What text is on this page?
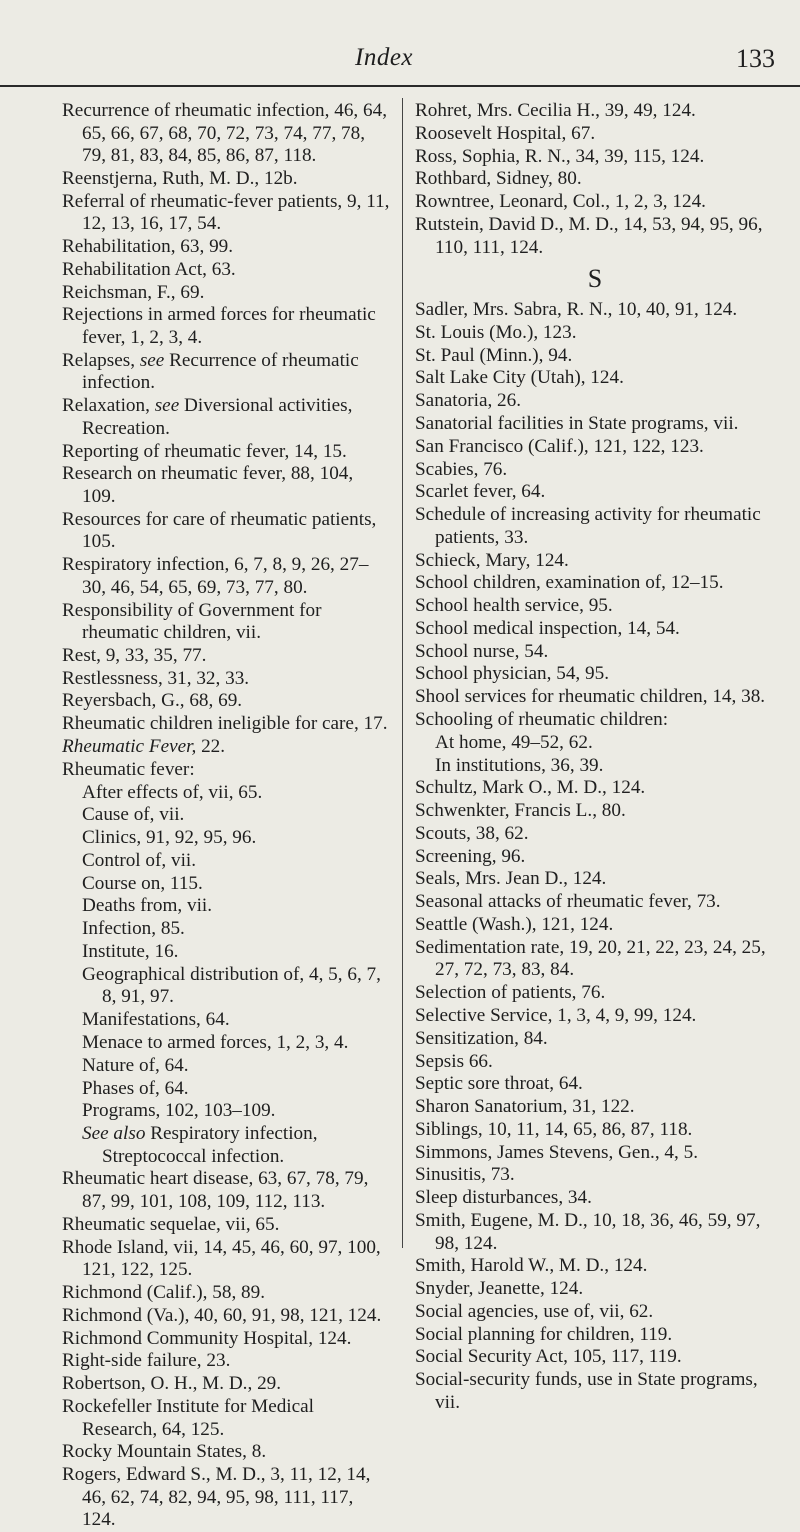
Index	133
Recurrence of rheumatic infection, 46, 64, 65, 66, 67, 68, 70, 72, 73, 74, 77, 78, 79, 81, 83, 84, 85, 86, 87, 118.
Reenstjerna, Ruth, M. D., 12b.
Referral of rheumatic-fever patients, 9, 11, 12, 13, 16, 17, 54.
Rehabilitation, 63, 99.
Rehabilitation Act, 63.
Reichsman, F., 69.
Rejections in armed forces for rheumatic fever, 1, 2, 3, 4.
Relapses, see Recurrence of rheumatic infection.
Relaxation, see Diversional activities, Recreation.
Reporting of rheumatic fever, 14, 15.
Research on rheumatic fever, 88, 104, 109.
Resources for care of rheumatic patients, 105.
Respiratory infection, 6, 7, 8, 9, 26, 27–30, 46, 54, 65, 69, 73, 77, 80.
Responsibility of Government for rheumatic children, vii.
Rest, 9, 33, 35, 77.
Restlessness, 31, 32, 33.
Reyersbach, G., 68, 69.
Rheumatic children ineligible for care, 17.
Rheumatic Fever, 22.
Rheumatic fever:
After effects of, vii, 65.
Cause of, vii.
Clinics, 91, 92, 95, 96.
Control of, vii.
Course on, 115.
Deaths from, vii.
Infection, 85.
Institute, 16.
Geographical distribution of, 4, 5, 6, 7, 8, 91, 97.
Manifestations, 64.
Menace to armed forces, 1, 2, 3, 4.
Nature of, 64.
Phases of, 64.
Programs, 102, 103–109.
See also Respiratory infection, Streptococcal infection.
Rheumatic heart disease, 63, 67, 78, 79, 87, 99, 101, 108, 109, 112, 113.
Rheumatic sequelae, vii, 65.
Rhode Island, vii, 14, 45, 46, 60, 97, 100, 121, 122, 125.
Richmond (Calif.), 58, 89.
Richmond (Va.), 40, 60, 91, 98, 121, 124.
Richmond Community Hospital, 124.
Right-side failure, 23.
Robertson, O. H., M. D., 29.
Rockefeller Institute for Medical Research, 64, 125.
Rocky Mountain States, 8.
Rogers, Edward S., M. D., 3, 11, 12, 14, 46, 62, 74, 82, 94, 95, 98, 111, 117, 124.
Rohret, Mrs. Cecilia H., 39, 49, 124.
Roosevelt Hospital, 67.
Ross, Sophia, R. N., 34, 39, 115, 124.
Rothbard, Sidney, 80.
Rowntree, Leonard, Col., 1, 2, 3, 124.
Rutstein, David D., M. D., 14, 53, 94, 95, 96, 110, 111, 124.
S
Sadler, Mrs. Sabra, R. N., 10, 40, 91, 124.
St. Louis (Mo.), 123.
St. Paul (Minn.), 94.
Salt Lake City (Utah), 124.
Sanatoria, 26.
Sanatorial facilities in State programs, vii.
San Francisco (Calif.), 121, 122, 123.
Scabies, 76.
Scarlet fever, 64.
Schedule of increasing activity for rheumatic patients, 33.
Schieck, Mary, 124.
School children, examination of, 12–15.
School health service, 95.
School medical inspection, 14, 54.
School nurse, 54.
School physician, 54, 95.
Shool services for rheumatic children, 14, 38.
Schooling of rheumatic children:
At home, 49–52, 62.
In institutions, 36, 39.
Schultz, Mark O., M. D., 124.
Schwenkter, Francis L., 80.
Scouts, 38, 62.
Screening, 96.
Seals, Mrs. Jean D., 124.
Seasonal attacks of rheumatic fever, 73.
Seattle (Wash.), 121, 124.
Sedimentation rate, 19, 20, 21, 22, 23, 24, 25, 27, 72, 73, 83, 84.
Selection of patients, 76.
Selective Service, 1, 3, 4, 9, 99, 124.
Sensitization, 84.
Sepsis 66.
Septic sore throat, 64.
Sharon Sanatorium, 31, 122.
Siblings, 10, 11, 14, 65, 86, 87, 118.
Simmons, James Stevens, Gen., 4, 5.
Sinusitis, 73.
Sleep disturbances, 34.
Smith, Eugene, M. D., 10, 18, 36, 46, 59, 97, 98, 124.
Smith, Harold W., M. D., 124.
Snyder, Jeanette, 124.
Social agencies, use of, vii, 62.
Social planning for children, 119.
Social Security Act, 105, 117, 119.
Social-security funds, use in State programs, vii.
